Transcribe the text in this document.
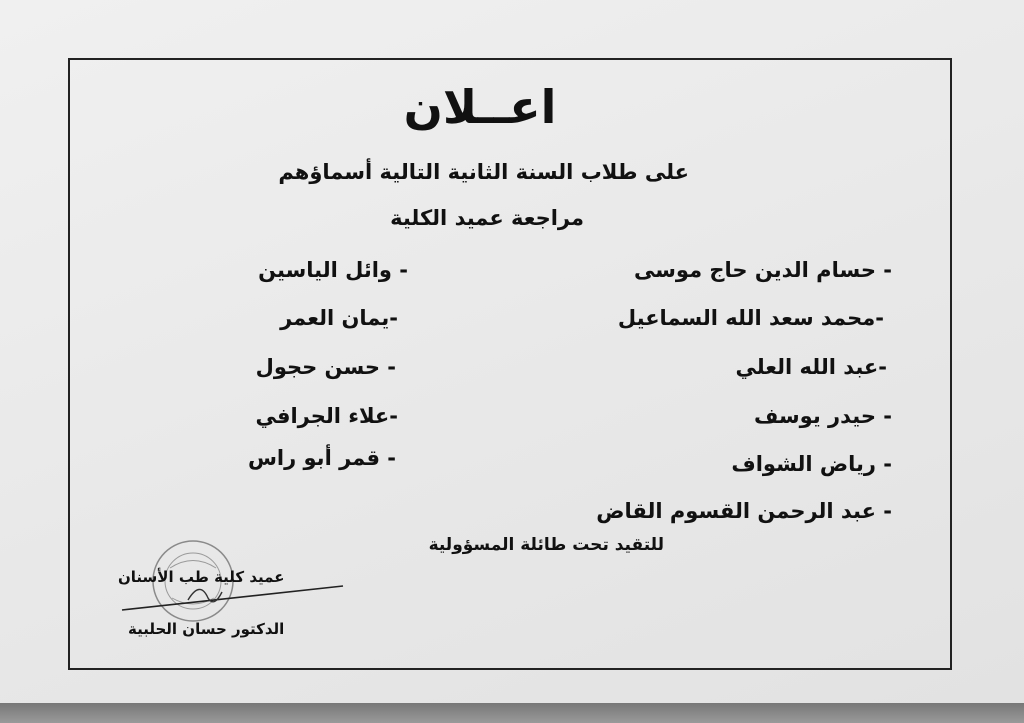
اعــلان
على طلاب السنة الثانية التالية أسماؤهم
مراجعة عميد الكلية
- حسام الدين حاج موسى
-محمد سعد الله السماعيل
-عبد الله العلي
- حيدر يوسف
- رياض الشواف
- عبد الرحمن القسوم القاض
- وائل الياسين
-يمان العمر
- حسن حجول
-علاء الجرافي
- قمر أبو راس
للتقيد تحت طائلة المسؤولية
عميد كلية طب الأسنان
الدكتور حسان الحلبية
